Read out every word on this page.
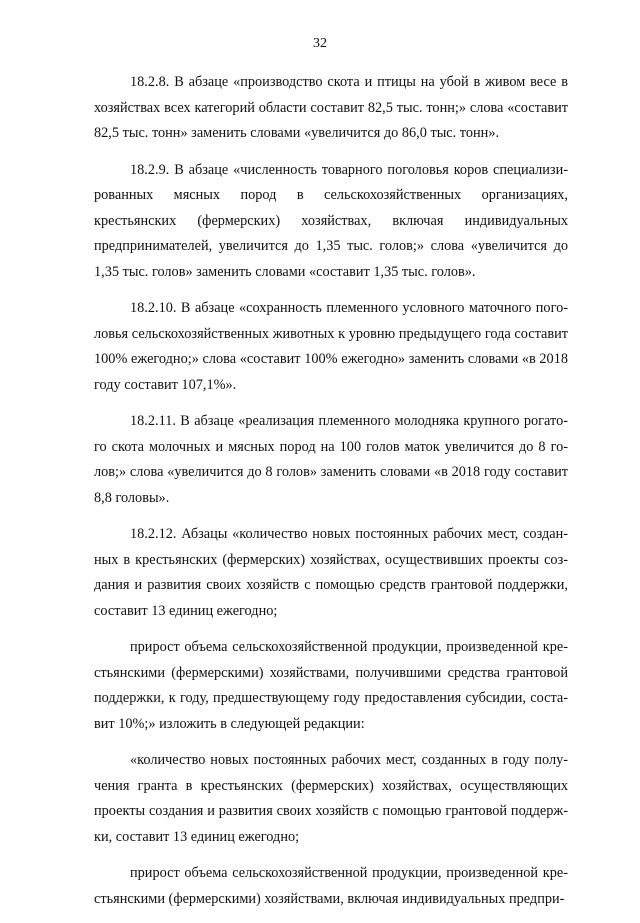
32

18.2.8. В абзаце «производство скота и птицы на убой в живом весе в хозяйствах всех категорий области составит 82,5 тыс. тонн;» слова «составит 82,5 тыс. тонн» заменить словами «увеличится до 86,0 тыс. тонн».

18.2.9. В абзаце «численность товарного поголовья коров специализированных мясных пород в сельскохозяйственных организациях, крестьянских (фермерских) хозяйствах, включая индивидуальных предпринимателей, увеличится до 1,35 тыс. голов;» слова «увеличится до 1,35 тыс. голов» заменить словами «составит 1,35 тыс. голов».

18.2.10. В абзаце «сохранность племенного условного маточного поголовья сельскохозяйственных животных к уровню предыдущего года составит 100% ежегодно;» слова «составит 100% ежегодно» заменить словами «в 2018 году составит 107,1%».

18.2.11. В абзаце «реализация племенного молодняка крупного рогатого скота молочных и мясных пород на 100 голов маток увеличится до 8 голов;» слова «увеличится до 8 голов» заменить словами «в 2018 году составит 8,8 головы».

18.2.12. Абзацы «количество новых постоянных рабочих мест, созданных в крестьянских (фермерских) хозяйствах, осуществивших проекты создания и развития своих хозяйств с помощью средств грантовой поддержки, составит 13 единиц ежегодно;

прирост объема сельскохозяйственной продукции, произведенной крестьянскими (фермерскими) хозяйствами, получившими средства грантовой поддержки, к году, предшествующему году предоставления субсидии, составит 10%;» изложить в следующей редакции:

«количество новых постоянных рабочих мест, созданных в году получения гранта в крестьянских (фермерских) хозяйствах, осуществляющих проекты создания и развития своих хозяйств с помощью грантовой поддержки, составит 13 единиц ежегодно;

прирост объема сельскохозяйственной продукции, произведенной крестьянскими (фермерскими) хозяйствами, включая индивидуальных предпри-
